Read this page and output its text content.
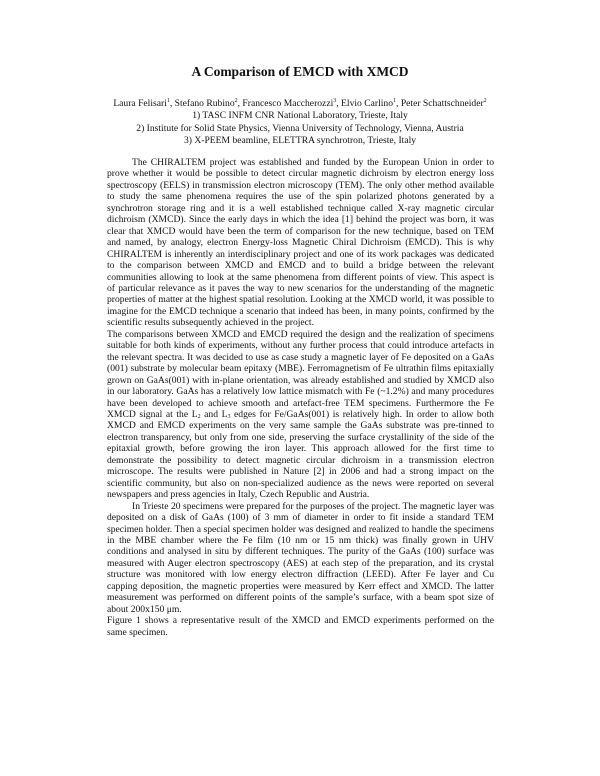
A Comparison of EMCD with XMCD
Laura Felisari$^1$, Stefano Rubino$^2$, Francesco Maccherozzi$^3$, Elvio Carlino$^1$, Peter Schattschneider$^2$
1) TASC INFM CNR National Laboratory, Trieste, Italy
2) Institute for Solid State Physics, Vienna University of Technology, Vienna, Austria
3) X-PEEM beamline, ELETTRA synchrotron, Trieste, Italy

The CHIRALTEM project was established and funded by the European Union in order to prove whether it would be possible to detect circular magnetic dichroism by electron energy loss spectroscopy (EELS) in transmission electron microscopy (TEM). The only other method available to study the same phenomena requires the use of the spin polarized photons generated by a synchrotron storage ring and it is a well established technique called X-ray magnetic circular dichroism (XMCD). Since the early days in which the idea [1] behind the project was born, it was clear that XMCD would have been the term of comparison for the new technique, based on TEM and named, by analogy, electron Energy-loss Magnetic Chiral Dichroism (EMCD). This is why CHIRALTEM is inherently an interdisciplinary project and one of its work packages was dedicated to the comparison between XMCD and EMCD and to build a bridge between the relevant communities allowing to look at the same phenomena from different points of view. This aspect is of particular relevance as it paves the way to new scenarios for the understanding of the magnetic properties of matter at the highest spatial resolution. Looking at the XMCD world, it was possible to imagine for the EMCD technique a scenario that indeed has been, in many points, confirmed by the scientific results subsequently achieved in the project.

The comparisons between XMCD and EMCD required the design and the realization of specimens suitable for both kinds of experiments, without any further process that could introduce artefacts in the relevant spectra. It was decided to use as case study a magnetic layer of Fe deposited on a GaAs (001) substrate by molecular beam epitaxy (MBE). Ferromagnetism of Fe ultrathin films epitaxially grown on GaAs(001) with in-plane orientation, was already established and studied by XMCD also in our laboratory. GaAs has a relatively low lattice mismatch with Fe (~1.2%) and many procedures have been developed to achieve smooth and artefact-free TEM specimens. Furthermore the Fe XMCD signal at the $L_2$ and $L_3$ edges for Fe/GaAs(001) is relatively high. In order to allow both XMCD and EMCD experiments on the very same sample the GaAs substrate was pre-tinned to electron transparency, but only from one side, preserving the surface crystallinity of the side of the epitaxial growth, before growing the iron layer. This approach allowed for the first time to demonstrate the possibility to detect magnetic circular dichroism in a transmission electron microscope. The results were published in Nature [2] in 2006 and had a strong impact on the scientific community, but also on non-specialized audience as the news were reported on several newspapers and press agencies in Italy, Czech Republic and Austria.

In Trieste 20 specimens were prepared for the purposes of the project. The magnetic layer was deposited on a disk of GaAs (100) of 3 mm of diameter in order to fit inside a standard TEM specimen holder. Then a special specimen holder was designed and realized to handle the specimens in the MBE chamber where the Fe film (10 nm or 15 nm thick) was finally grown in UHV conditions and analysed in situ by different techniques. The purity of the GaAs (100) surface was measured with Auger electron spectroscopy (AES) at each step of the preparation, and its crystal structure was monitored with low energy electron diffraction (LEED). After Fe layer and Cu capping deposition, the magnetic properties were measured by Kerr effect and XMCD. The latter measurement was performed on different points of the sample’s surface, with a beam spot size of about 200x150 μm.

Figure 1 shows a representative result of the XMCD and EMCD experiments performed on the same specimen.
